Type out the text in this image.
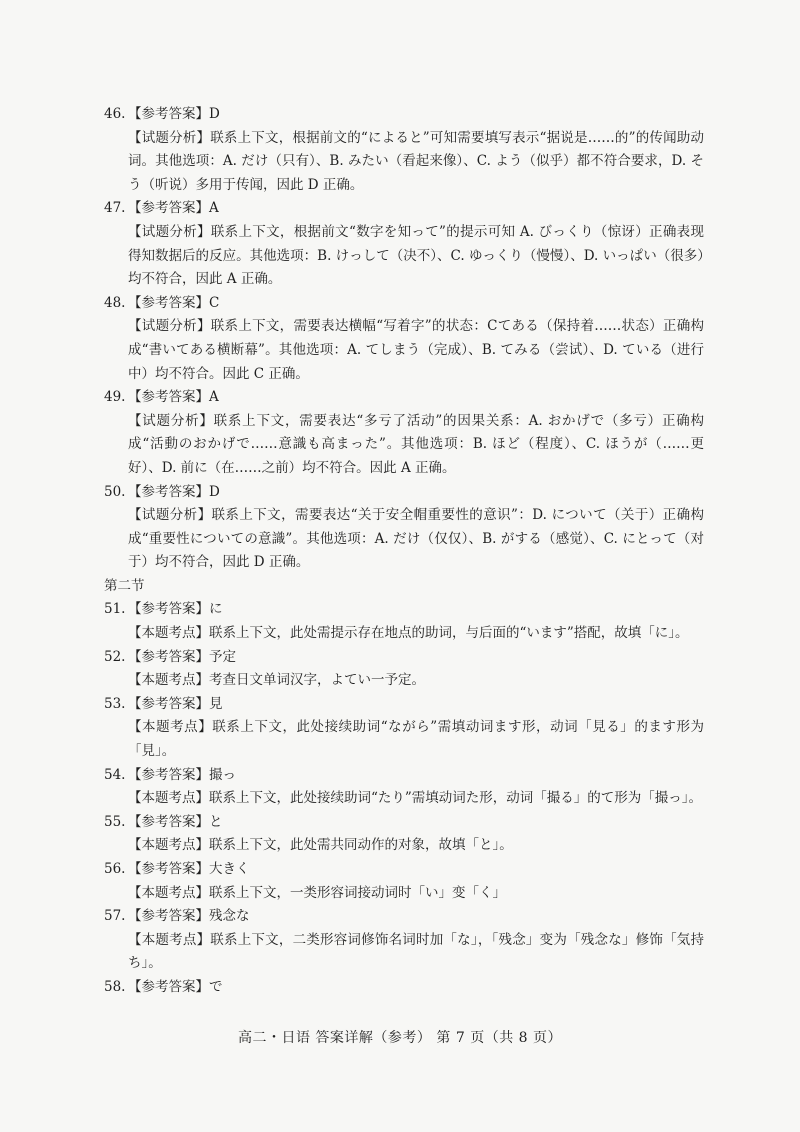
46. 【参考答案】D

【试题分析】联系上下文，根据前文的“によると”可知需要填写表示“据说是……的”的传闻助动词。其他选项：A. だけ（只有）、B. みたい（看起来像）、C. よう（似乎）都不符合要求，D. そう（听说）多用于传闻，因此 D 正确。

47. 【参考答案】A

【试题分析】联系上下文，根据前文“数字を知って”的提示可知 A. びっくり（惊讶）正确表现得知数据后的反应。其他选项：B. けっして（决不）、C. ゆっくり（慢慢）、D. いっぱい（很多）均不符合，因此 A 正确。

48. 【参考答案】C

【试题分析】联系上下文，需要表达横幅“写着字”的状态：Cてある（保持着……状态）正确构成“書いてある横断幕”。其他选项：A. てしまう（完成）、B. てみる（尝试）、D. ている（进行中）均不符合。因此 C 正确。

49. 【参考答案】A

【试题分析】联系上下文，需要表达“多亏了活动”的因果关系：A. おかげで（多亏）正确构成“活動のおかげで……意識も高まった”。其他选项：B. ほど（程度）、C. ほうが（……更好）、D. 前に（在……之前）均不符合。因此 A 正确。

50. 【参考答案】D

【试题分析】联系上下文，需要表达“关于安全帽重要性的意识”：D. について（关于）正确构成“重要性についての意識”。其他选项：A. だけ（仅仅）、B. がする（感觉）、C. にとって（对于）均不符合，因此 D 正确。

第二节

51. 【参考答案】に

【本题考点】联系上下文，此处需提示存在地点的助词，与后面的“います”搭配，故填「に」。

52. 【参考答案】予定

【本题考点】考查日文单词汉字，よてい一予定。

53. 【参考答案】見

【本题考点】联系上下文，此处接续助词“ながら”需填动词ます形，动词「見る」的ます形为「見」。

54. 【参考答案】撮っ

【本题考点】联系上下文，此处接续助词“たり”需填动词た形，动词「撮る」的て形为「撮っ」。

55. 【参考答案】と

【本题考点】联系上下文，此处需共同动作的对象，故填「と」。

56. 【参考答案】大きく

【本题考点】联系上下文，一类形容词接动词时「い」变「く」

57. 【参考答案】残念な

【本题考点】联系上下文，二类形容词修饰名词时加「な」，「残念」变为「残念な」修饰「気持ち」。

58. 【参考答案】で

高二・日语 答案详解（参考） 第 7 页（共 8 页）
